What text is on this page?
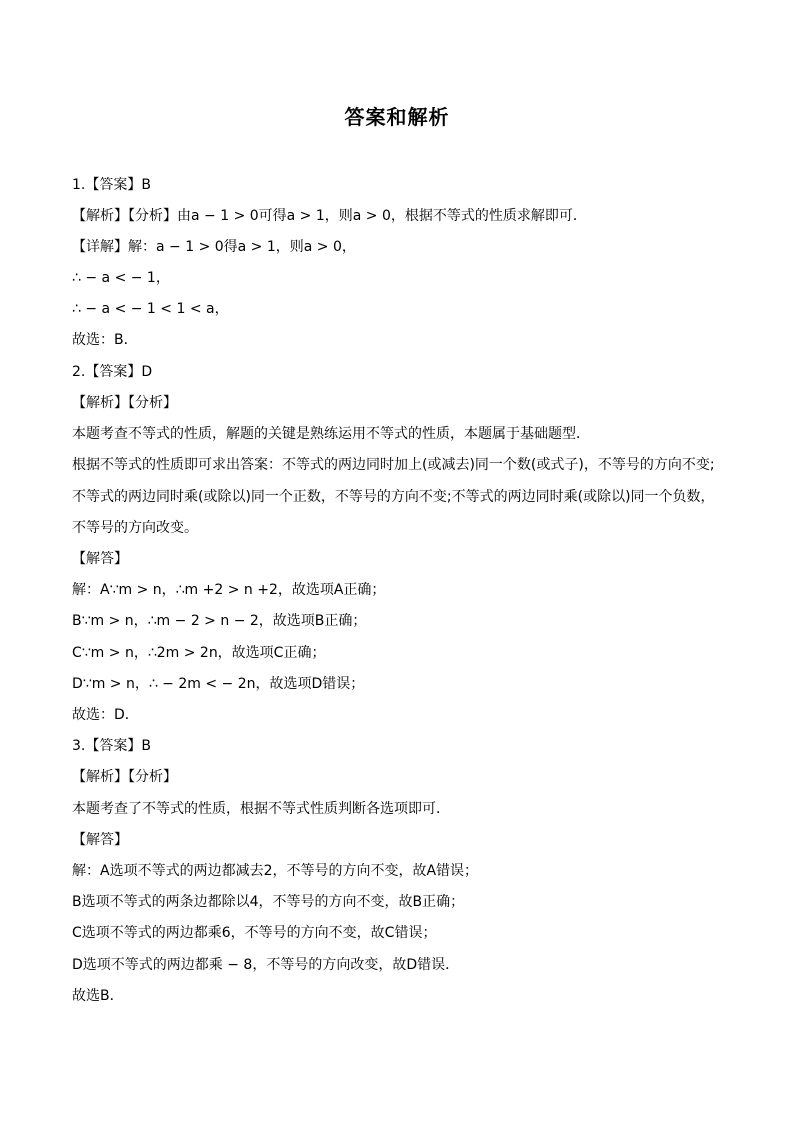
答案和解析
1.【答案】B
【解析】【分析】由a − 1 > 0可得a > 1，则a > 0，根据不等式的性质求解即可．
【详解】解：a − 1 > 0得a > 1，则a > 0，
∴ − a < − 1，
∴ − a < − 1 < 1 < a，
故选：B．
2.【答案】D
【解析】【分析】
本题考查不等式的性质，解题的关键是熟练运用不等式的性质，本题属于基础题型．
根据不等式的性质即可求出答案：不等式的两边同时加上(或减去)同一个数(或式子)，不等号的方向不变;
不等式的两边同时乘(或除以)同一个正数，不等号的方向不变;不等式的两边同时乘(或除以)同一个负数，
不等号的方向改变。
【解答】
解：A∵m > n，∴m +2 > n +2，故选项A正确；
B∵m > n，∴m − 2 > n − 2，故选项B正确；
C∵m > n，∴2m > 2n，故选项C正确；
D∵m > n，∴ − 2m < − 2n，故选项D错误；
故选：D．
3.【答案】B
【解析】【分析】
本题考查了不等式的性质，根据不等式性质判断各选项即可．
【解答】
解：A选项不等式的两边都减去2，不等号的方向不变，故A错误；
B选项不等式的两条边都除以4，不等号的方向不变，故B正确；
C选项不等式的两边都乘6，不等号的方向不变，故C错误；
D选项不等式的两边都乘 − 8，不等号的方向改变，故D错误．
故选B．
